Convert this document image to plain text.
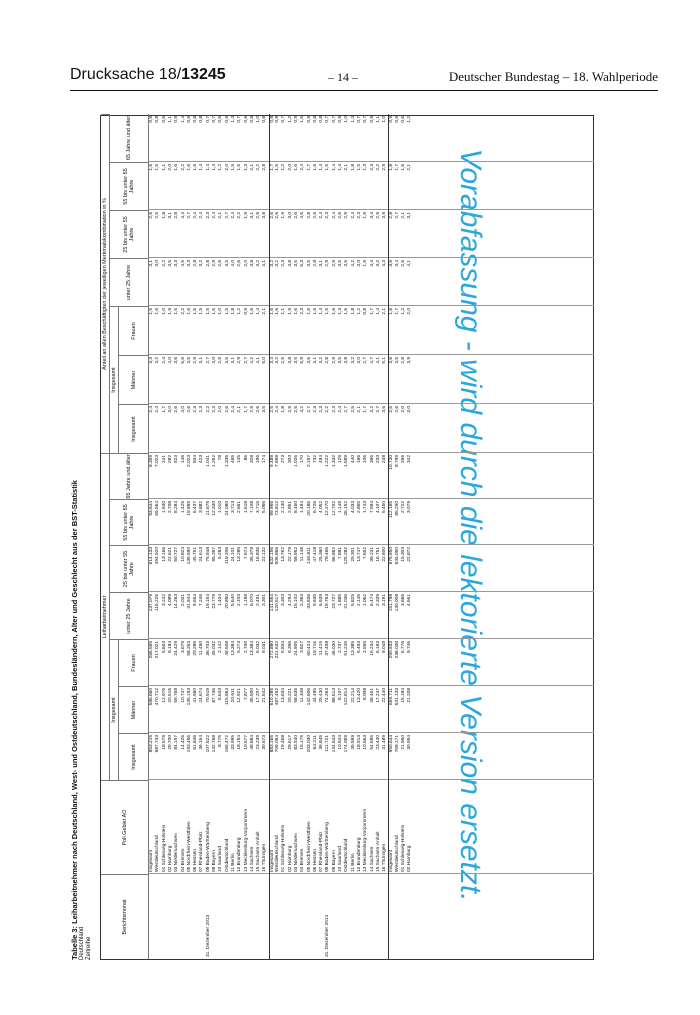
Drucksache 18/13245	– 14 –	Deutscher Bundestag – 18. Wahlperiode
Vorabfassung - wird durch die lektorierte Version ersetzt.
Tabelle 3: Leiharbeitnehmer nach Deutschland, West- und Ostdeutschland, Bundesländern, Alter und Geschlecht aus der BST-Statistik Deutschland Zeitreihe
Berichtsmonat
Poli.Gebiet AO
Leiharbeitnehmer
Insgesamt
Insgesamt
Männer
Frauen
unter 25 Jahre
25 bis unter 55 Jahre
55 bis unter 65 Jahre
65 Jahre und älter
Anteil an allen Beschäftigten der jeweiligen Merkmalskombination in %
Insgesamt
Insgesamt
Männer
Frauen
unter 25 Jahre
25 bis unter 55 Jahre
55 bis unter 65 Jahre
65 Jahre und älter
Insgesamt
853.215
586.660
266.555
137.079
614.133
93.644
8.359
2,4
3,3
1,5
3,1
2,6
1,6
0,8
Westdeutschland
687.733
470.712
217.021
116.226
494.920
69.564
7.023
2,4
3,2
1,6
3,0
2,5
1,5
0,8
01 Schleswig-Holstein
18.579
12.976
5.603
3.242
13.166
1.930
241
1,7
2,4
1,0
2,2
1,8
1,1
0,6
02 Hamburg
29.700
20.516
9.184
4.089
22.621
2.708
282
3,0
4,0
1,9
3,5
3,1
2,0
1,1
03 Niedersachsen
84.197
59.768
24.429
14.263
60.727
8.284
923
2,6
3,6
1,5
3,3
2,8
1,6
0,9
04 Bremen
14.426
10.747
3.679
2.031
10.824
1.425
146
4,0
5,6
2,2
4,5
4,4
2,2
1,4
05 Nordrhein-Westfalen
193.456
135.193
58.263
31.944
139.590
19.899
2.023
2,6
3,5
1,6
3,3
2,7
1,6
0,9
06 Hessen
61.846
41.560
20.286
9.654
45.751
6.437
604
2,3
2,9
1,5
2,8
2,4
1,5
0,8
07 Rheinland-Pfalz
36.164
24.674
11.490
7.246
24.613
3.882
423
2,3
3,1
1,5
3,2
2,4
1,4
0,8
31. Dezember 2013
08 Baden-Württemberg
107.622
70.919
36.703
19.154
75.948
11.679
1.041
2,2
2,7
1,5
2,8
2,3
1,4
0,7
09 Bayern
132.768
87.736
45.032
23.779
95.397
12.330
1.262
2,3
3,0
1,6
2,9
2,4
1,4
0,7
10 Saarland
8.775
6.633
2.142
1.404
6.283
1.010
78
2,0
2,9
1,0
2,6
2,1
1,2
0,6
Ostdeutschland
165.472
115.964
49.508
20.850
119.206
24.080
1.336
2,6
3,5
1,5
3,5
2,7
2,0
0,9
11 Berlin
33.995
20.611
13.384
5.640
24.101
3.713
465
2,4
3,1
1,8
4,0
2,4
1,5
1,3
12 Brandenburg
18.194
12.921
5.273
2.103
13.285
2.661
145
2,1
2,9
1,2
2,6
2,2
1,5
0,7
13 Mecklenburg-Vorpommern
10.577
7.877
2.700
1.199
7.674
1.618
86
1,7
2,7
0,9
2,0
1,9
1,3
0,6
14 Sachsen
48.884
35.500
13.384
6.070
35.378
7.108
328
2,9
4,2
1,6
3,8
3,1
2,1
0,8
15 Sachsen-Anhalt
23.239
17.207
6.032
2.491
16.836
3.716
196
2,6
4,1
1,4
3,2
2,9
2,2
1,0
16 Thüringen
30.673
21.642
9.031
3.301
22.132
5.066
174
3,5
5,0
2,1
4,1
3,8
2,8
0,8
Insgesamt
883.165
610.285
272.880
141.554
632.156
99.966
9.489
2,5
3,4
1,6
3,2
2,6
1,7
0,8
Westdeutschland
709.094
487.462
221.632
120.517
506.866
73.812
7.898
2,4
3,2
1,6
3,2
2,6
1,5
0,8
01 Schleswig-Holstein
19.468
13.634
5.834
3.303
13.762
2.130
273
1,8
2,5
1,1
2,3
1,9
1,2
0,7
02 Hamburg
29.617
20.221
9.396
4.294
22.179
2.851
303
2,9
3,8
1,9
3,8
3,0
2,0
1,2
03 Niedersachsen
83.540
58.635
24.905
15.102
58.952
8.460
1.026
2,5
3,5
1,6
3,5
2,6
1,6
0,9
04 Bremen
15.175
11.348
3.827
2.363
11.148
1.494
170
4,2
5,9
2,3
5,3
4,6
2,4
1,6
05 Nordrhein-Westfalen
203.030
142.606
60.424
33.836
146.811
20.186
2.197
2,7
3,6
1,6
3,5
2,8
1,7
0,9
06 Hessen
64.211
44.495
19.716
9.935
47.418
6.726
732
2,3
3,1
1,5
2,8
2,5
1,5
0,8
07 Rheinland-Pfalz
36.845
25.430
11.415
6.939
25.360
4.052
494
2,3
3,2
1,4
3,1
2,4
1,4
0,8
31. Dezember 2014
08 Baden-Württemberg
111.721
74.263
37.458
19.763
78.466
12.270
1.222
2,2
2,8
1,5
2,9
2,3
1,5
0,7
09 Bayern
134.643
88.613
46.030
23.727
96.882
12.702
1.332
2,3
2,9
1,6
2,9
2,4
1,4
0,7
10 Saarland
10.844
8.107
2.737
1.885
7.881
1.149
129
2,4
3,5
1,3
3,5
2,6
1,4
0,9
Ostdeutschland
174.059
122.814
51.245
21.036
125.282
26.152
1.589
2,7
3,8
1,6
3,6
2,9
2,1
1,0
11 Berlin
35.599
22.214
13.385
5.825
25.301
4.033
440
2,5
3,2
1,8
4,2
2,4
1,8
1,3
12 Brandenburg
18.913
13.420
5.493
2.145
13.747
2.855
166
2,1
3,0
1,2
3,0
2,3
1,5
0,7
13 Mecklenburg-Vorpommern
10.563
8.008
2.555
1.062
7.652
1.743
106
1,7
2,7
0,8
1,9
1,9
1,3
0,7
14 Sachsen
54.695
39.461
15.234
6.474
39.231
7.994
396
3,2
4,7
1,7
4,4
3,4
2,3
0,9
15 Sachsen-Anhalt
23.430
17.247
6.183
2.339
16.751
4.107
233
2,7
4,1
1,4
3,2
2,9
2,2
1,1
16 Thüringen
31.489
22.440
9.049
3.191
22.600
5.450
248
3,6
5,1
2,1
4,3
3,9
2,9
1,0
Insgesamt
950.644
659.711
290.933
151.798
675.950
112.165
10.730
2,6
3,6
1,6
3,5
2,8
1,8
0,9
Westdeutschland
769.171
531.133
238.038
130.008
545.050
85.290
8.799
2,6
3,5
1,7
3,4
2,7
1,7
0,9
01 Schleswig-Holstein
21.960
15.184
6.776
3.666
15.303
2.722
266
2,0
2,8
1,2
2,5
2,1
1,5
0,6
02 Hamburg
30.954
21.208
9.746
4.661
22.872
3.079
342
3,0
3,9
2,0
4,1
3,1
2,1
1,2
